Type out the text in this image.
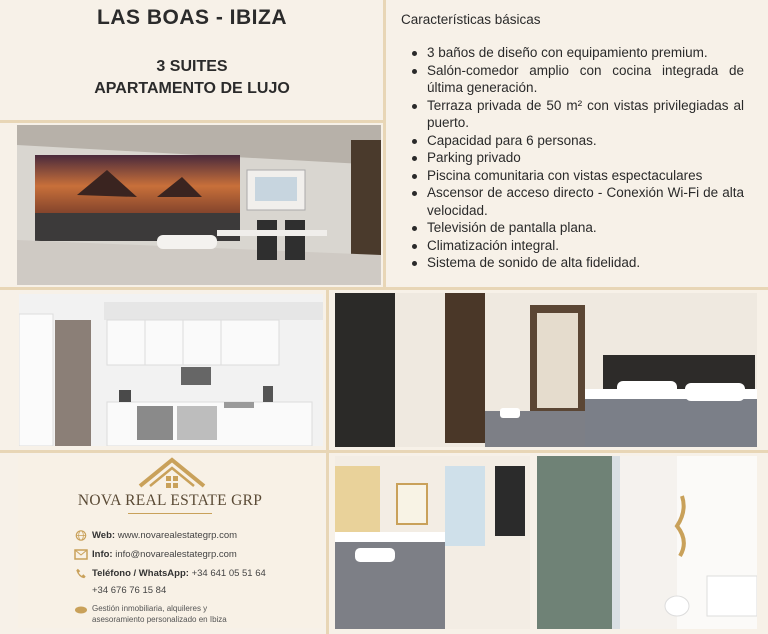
LAS BOAS - IBIZA
3 SUITES
APARTAMENTO DE LUJO
Características básicas
3 baños de diseño con equipamiento premium.
Salón-comedor amplio con cocina integrada de última generación.
Terraza privada de 50 m² con vistas privilegiadas al puerto.
Capacidad para 6 personas.
Parking privado
Piscina comunitaria con vistas espectaculares
Ascensor de acceso directo - Conexión Wi-Fi de alta velocidad.
Televisión de pantalla plana.
Climatización integral.
Sistema de sonido de alta fidelidad.
NOVA REAL ESTATE GRP
Web: www.novarealestategrp.com
Info: info@novarealestategrp.com
Teléfono / WhatsApp: +34 641 05 51 64
+34 676 76 15 84
Gestión inmobiliaria, alquileres y
asesoramiento personalizado en Ibiza
